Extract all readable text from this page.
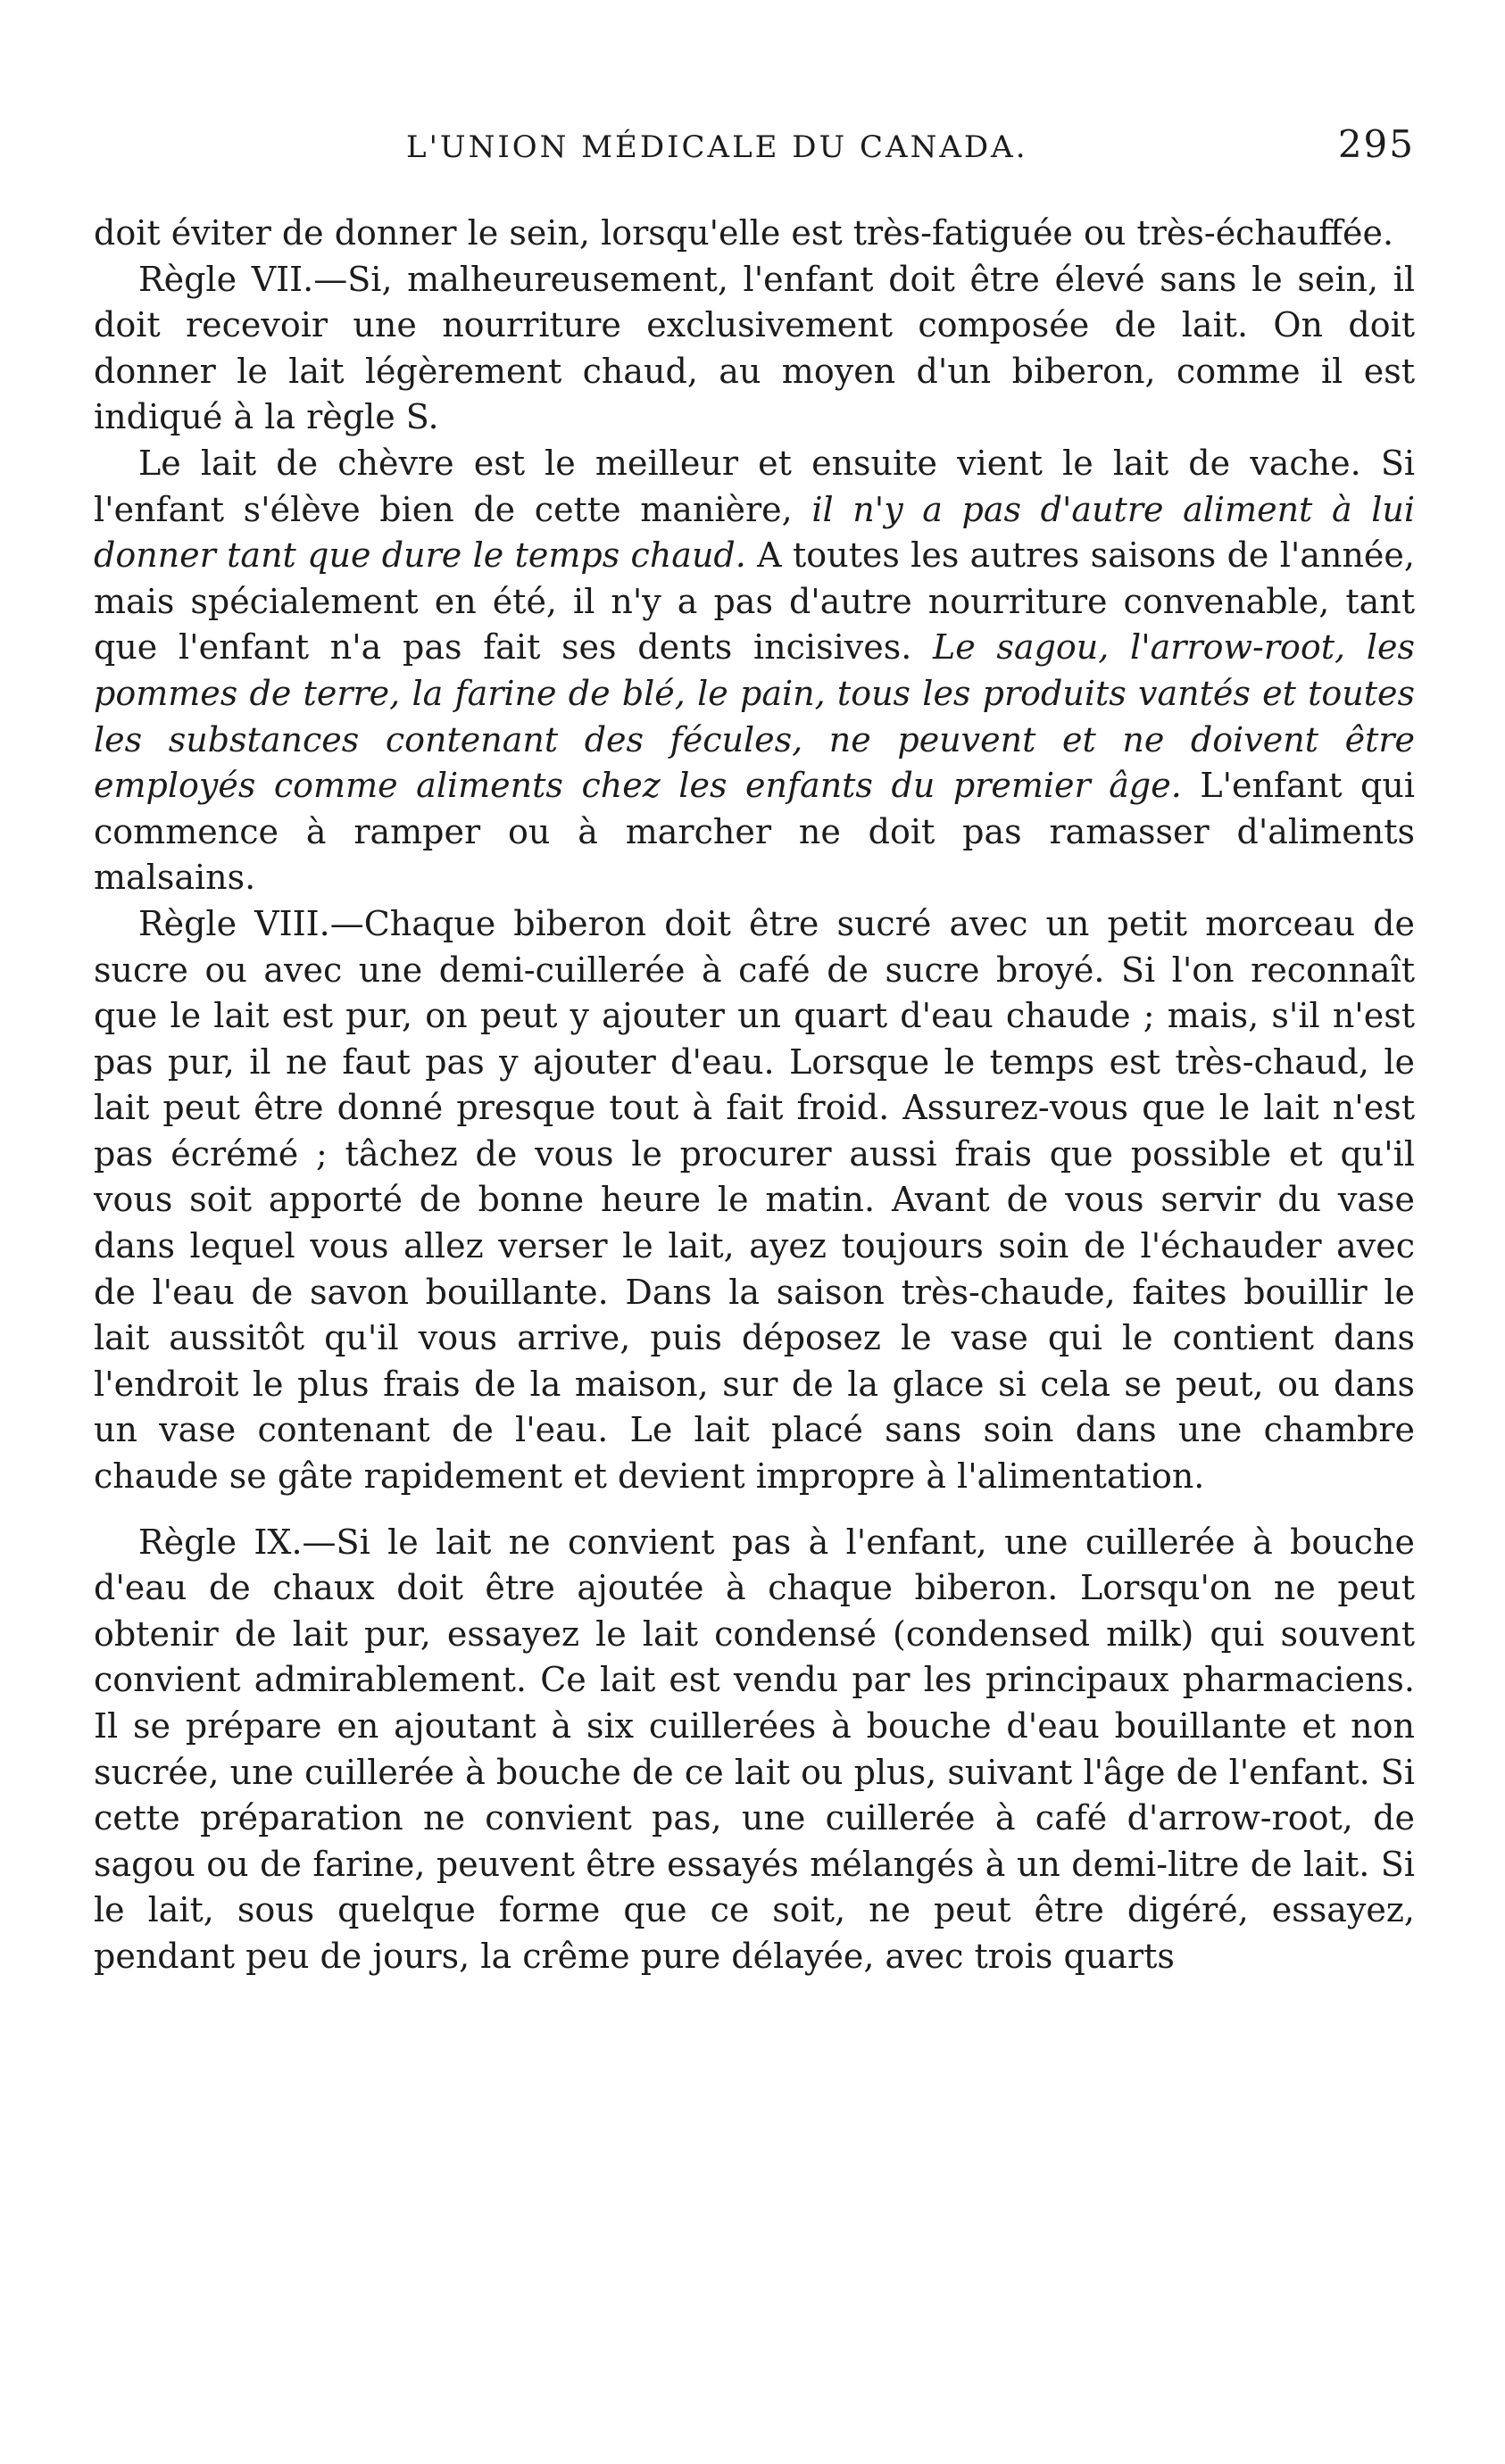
L'UNION MÉDICALE DU CANADA.	295

doit éviter de donner le sein, lorsqu'elle est très-fatiguée ou très-échauffée.

Règle VII.—Si, malheureusement, l'enfant doit être élevé sans le sein, il doit recevoir une nourriture exclusivement composée de lait. On doit donner le lait légèrement chaud, au moyen d'un biberon, comme il est indiqué à la règle S.

Le lait de chèvre est le meilleur et ensuite vient le lait de vache. Si l'enfant s'élève bien de cette manière, il n'y a pas d'autre aliment à lui donner tant que dure le temps chaud. A toutes les autres saisons de l'année, mais spécialement en été, il n'y a pas d'autre nourriture convenable, tant que l'enfant n'a pas fait ses dents incisives. Le sagou, l'arrow-root, les pommes de terre, la farine de blé, le pain, tous les produits vantés et toutes les substances contenant des fécules, ne peuvent et ne doivent être employés comme aliments chez les enfants du premier âge. L'enfant qui commence à ramper ou à marcher ne doit pas ramasser d'aliments malsains.

Règle VIII.—Chaque biberon doit être sucré avec un petit morceau de sucre ou avec une demi-cuillerée à café de sucre broyé. Si l'on reconnaît que le lait est pur, on peut y ajouter un quart d'eau chaude ; mais, s'il n'est pas pur, il ne faut pas y ajouter d'eau. Lorsque le temps est très-chaud, le lait peut être donné presque tout à fait froid. Assurez-vous que le lait n'est pas écrémé ; tâchez de vous le procurer aussi frais que possible et qu'il vous soit apporté de bonne heure le matin. Avant de vous servir du vase dans lequel vous allez verser le lait, ayez toujours soin de l'échauder avec de l'eau de savon bouillante. Dans la saison très-chaude, faites bouillir le lait aussitôt qu'il vous arrive, puis déposez le vase qui le contient dans l'endroit le plus frais de la maison, sur de la glace si cela se peut, ou dans un vase contenant de l'eau. Le lait placé sans soin dans une chambre chaude se gâte rapidement et devient impropre à l'alimentation.

Règle IX.—Si le lait ne convient pas à l'enfant, une cuillerée à bouche d'eau de chaux doit être ajoutée à chaque biberon. Lorsqu'on ne peut obtenir de lait pur, essayez le lait condensé (condensed milk) qui souvent convient admirablement. Ce lait est vendu par les principaux pharmaciens. Il se prépare en ajoutant à six cuillerées à bouche d'eau bouillante et non sucrée, une cuillerée à bouche de ce lait ou plus, suivant l'âge de l'enfant. Si cette préparation ne convient pas, une cuillerée à café d'arrow-root, de sagou ou de farine, peuvent être essayés mélangés à un demi-litre de lait. Si le lait, sous quelque forme que ce soit, ne peut être digéré, essayez, pendant peu de jours, la crême pure délayée, avec trois quarts
